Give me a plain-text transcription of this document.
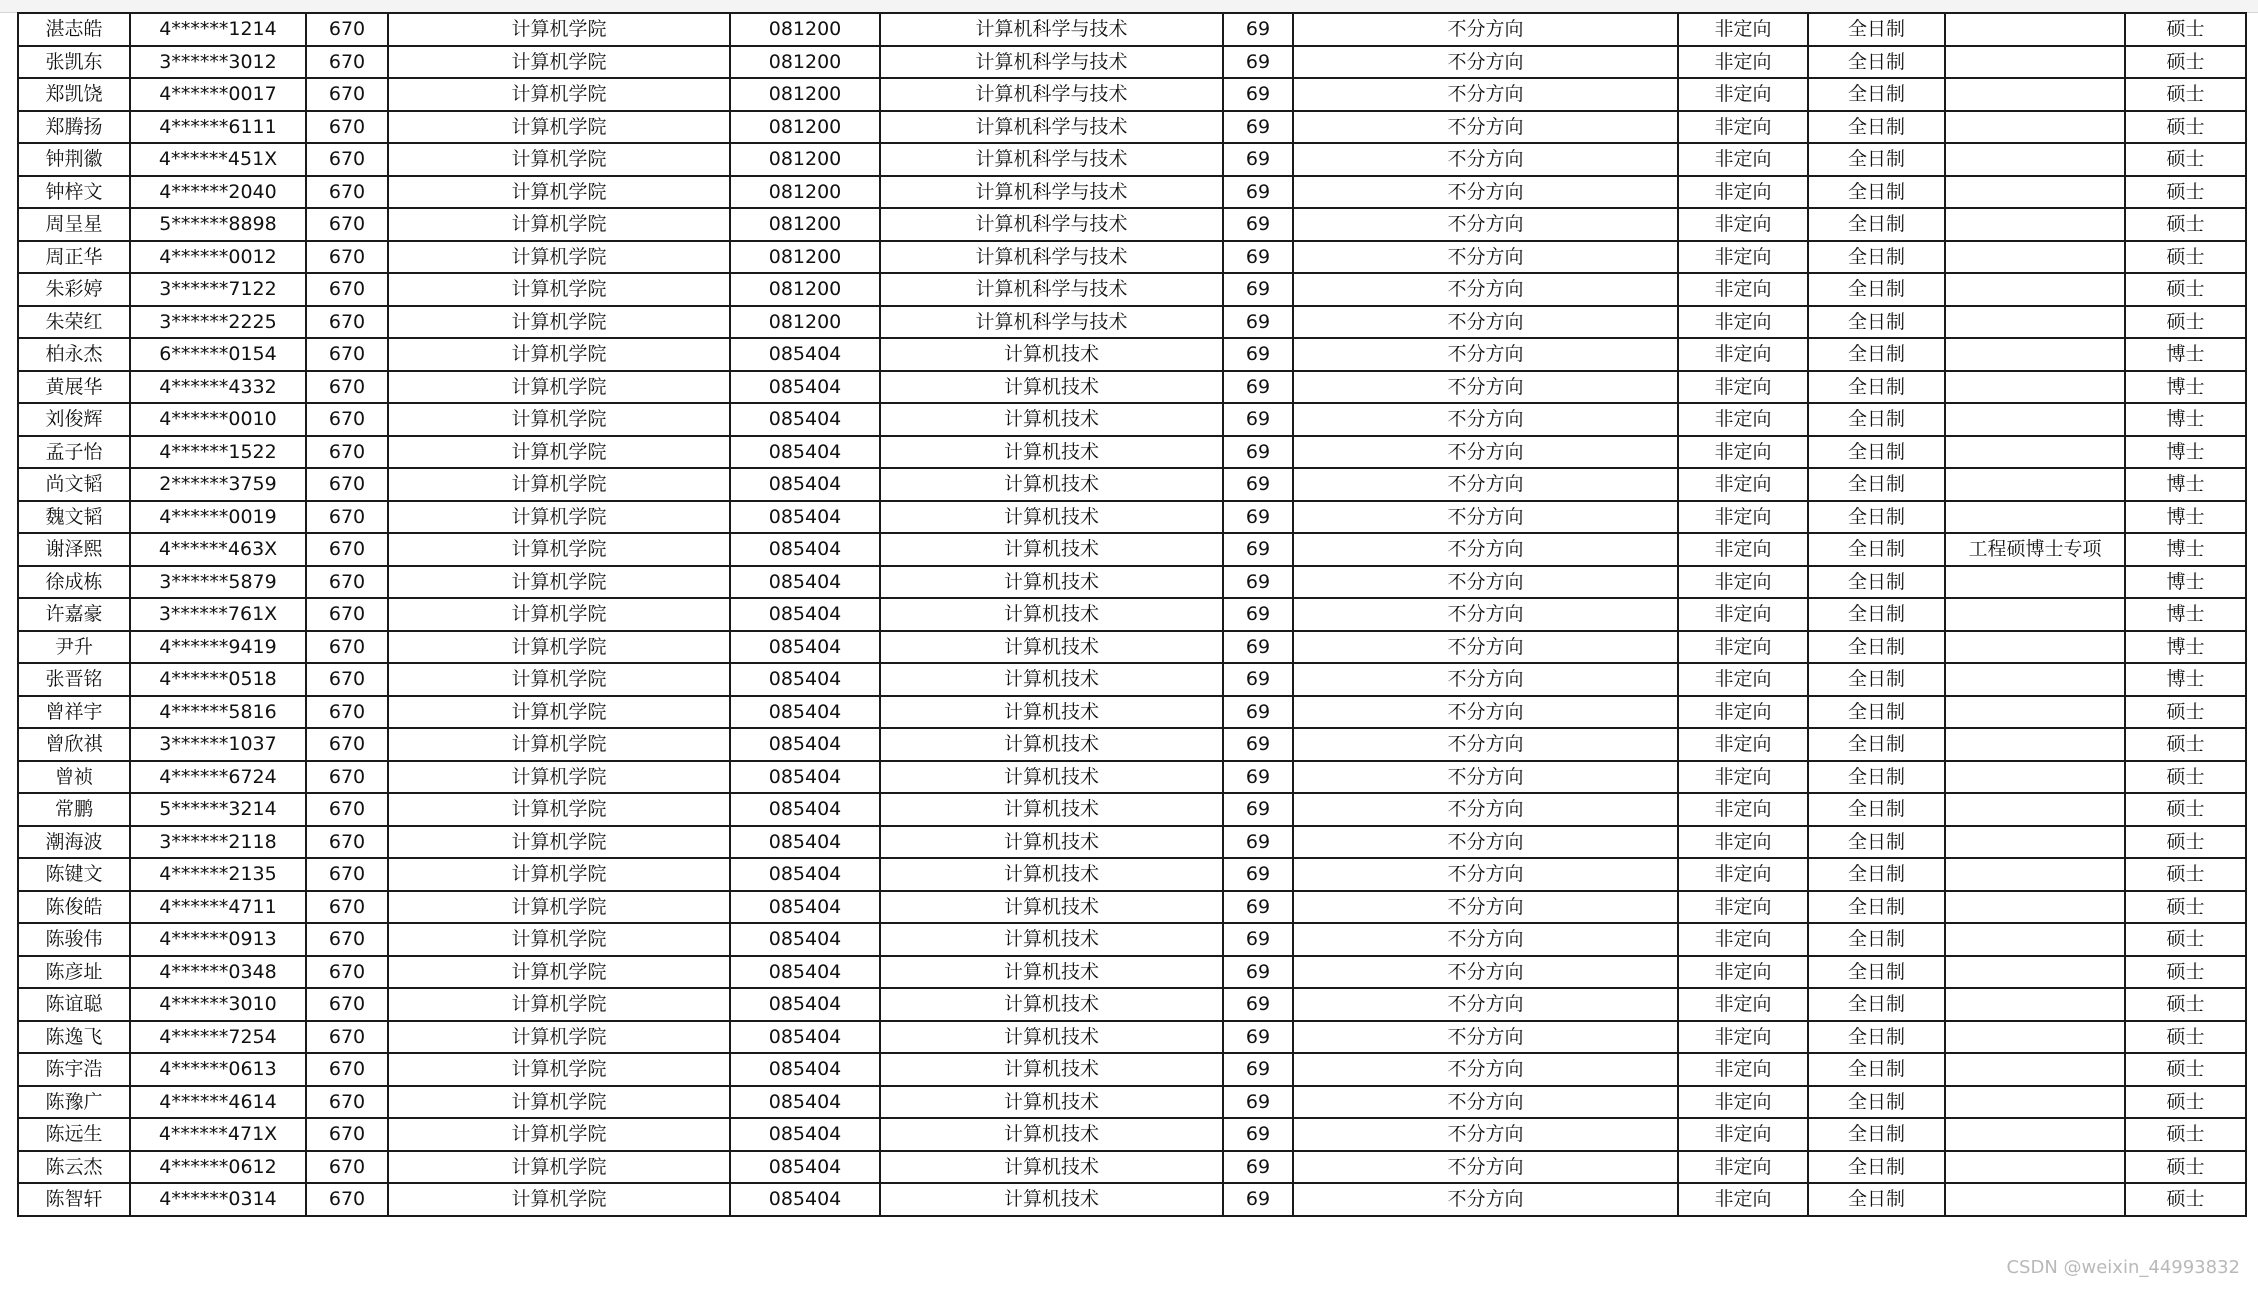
湛志皓	4******1214	670	计算机学院	081200	计算机科学与技术	69	不分方向	非定向	全日制		硕士
张凯东	3******3012	670	计算机学院	081200	计算机科学与技术	69	不分方向	非定向	全日制		硕士
郑凯饶	4******0017	670	计算机学院	081200	计算机科学与技术	69	不分方向	非定向	全日制		硕士
郑腾扬	4******6111	670	计算机学院	081200	计算机科学与技术	69	不分方向	非定向	全日制		硕士
钟荆徽	4******451X	670	计算机学院	081200	计算机科学与技术	69	不分方向	非定向	全日制		硕士
钟梓文	4******2040	670	计算机学院	081200	计算机科学与技术	69	不分方向	非定向	全日制		硕士
周呈星	5******8898	670	计算机学院	081200	计算机科学与技术	69	不分方向	非定向	全日制		硕士
周正华	4******0012	670	计算机学院	081200	计算机科学与技术	69	不分方向	非定向	全日制		硕士
朱彩婷	3******7122	670	计算机学院	081200	计算机科学与技术	69	不分方向	非定向	全日制		硕士
朱荣红	3******2225	670	计算机学院	081200	计算机科学与技术	69	不分方向	非定向	全日制		硕士
柏永杰	6******0154	670	计算机学院	085404	计算机技术	69	不分方向	非定向	全日制		博士
黄展华	4******4332	670	计算机学院	085404	计算机技术	69	不分方向	非定向	全日制		博士
刘俊辉	4******0010	670	计算机学院	085404	计算机技术	69	不分方向	非定向	全日制		博士
孟子怡	4******1522	670	计算机学院	085404	计算机技术	69	不分方向	非定向	全日制		博士
尚文韬	2******3759	670	计算机学院	085404	计算机技术	69	不分方向	非定向	全日制		博士
魏文韬	4******0019	670	计算机学院	085404	计算机技术	69	不分方向	非定向	全日制		博士
谢泽熙	4******463X	670	计算机学院	085404	计算机技术	69	不分方向	非定向	全日制	工程硕博士专项	博士
徐成栋	3******5879	670	计算机学院	085404	计算机技术	69	不分方向	非定向	全日制		博士
许嘉豪	3******761X	670	计算机学院	085404	计算机技术	69	不分方向	非定向	全日制		博士
尹升	4******9419	670	计算机学院	085404	计算机技术	69	不分方向	非定向	全日制		博士
张晋铭	4******0518	670	计算机学院	085404	计算机技术	69	不分方向	非定向	全日制		博士
曾祥宇	4******5816	670	计算机学院	085404	计算机技术	69	不分方向	非定向	全日制		硕士
曾欣祺	3******1037	670	计算机学院	085404	计算机技术	69	不分方向	非定向	全日制		硕士
曾祯	4******6724	670	计算机学院	085404	计算机技术	69	不分方向	非定向	全日制		硕士
常鹏	5******3214	670	计算机学院	085404	计算机技术	69	不分方向	非定向	全日制		硕士
潮海波	3******2118	670	计算机学院	085404	计算机技术	69	不分方向	非定向	全日制		硕士
陈键文	4******2135	670	计算机学院	085404	计算机技术	69	不分方向	非定向	全日制		硕士
陈俊皓	4******4711	670	计算机学院	085404	计算机技术	69	不分方向	非定向	全日制		硕士
陈骏伟	4******0913	670	计算机学院	085404	计算机技术	69	不分方向	非定向	全日制		硕士
陈彦址	4******0348	670	计算机学院	085404	计算机技术	69	不分方向	非定向	全日制		硕士
陈谊聪	4******3010	670	计算机学院	085404	计算机技术	69	不分方向	非定向	全日制		硕士
陈逸飞	4******7254	670	计算机学院	085404	计算机技术	69	不分方向	非定向	全日制		硕士
陈宇浩	4******0613	670	计算机学院	085404	计算机技术	69	不分方向	非定向	全日制		硕士
陈豫广	4******4614	670	计算机学院	085404	计算机技术	69	不分方向	非定向	全日制		硕士
陈远生	4******471X	670	计算机学院	085404	计算机技术	69	不分方向	非定向	全日制		硕士
陈云杰	4******0612	670	计算机学院	085404	计算机技术	69	不分方向	非定向	全日制		硕士
陈智轩	4******0314	670	计算机学院	085404	计算机技术	69	不分方向	非定向	全日制		硕士
CSDN @weixin_44993832
